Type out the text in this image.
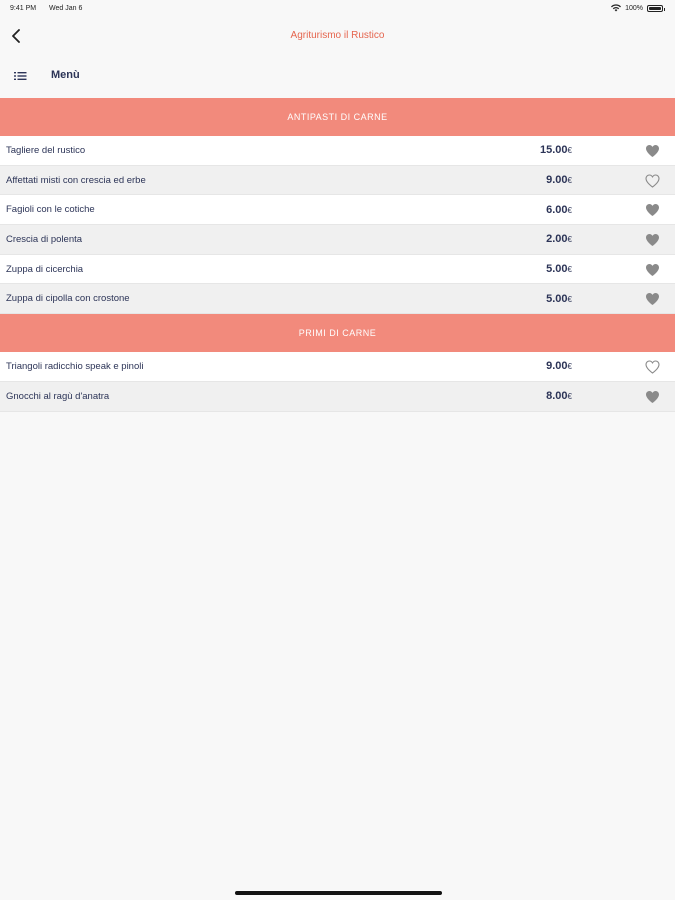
9:41 PM Wed Jan 6	100%
Agriturismo il Rustico
Menù
ANTIPASTI DI CARNE
Tagliere del rustico	15.00€
Affettati misti con crescia ed erbe	9.00€
Fagioli con le cotiche	6.00€
Crescia di polenta	2.00€
Zuppa di cicerchia	5.00€
Zuppa di cipolla con crostone	5.00€
PRIMI DI CARNE
Triangoli radicchio speak e pinoli	9.00€
Gnocchi al ragù d'anatra	8.00€
